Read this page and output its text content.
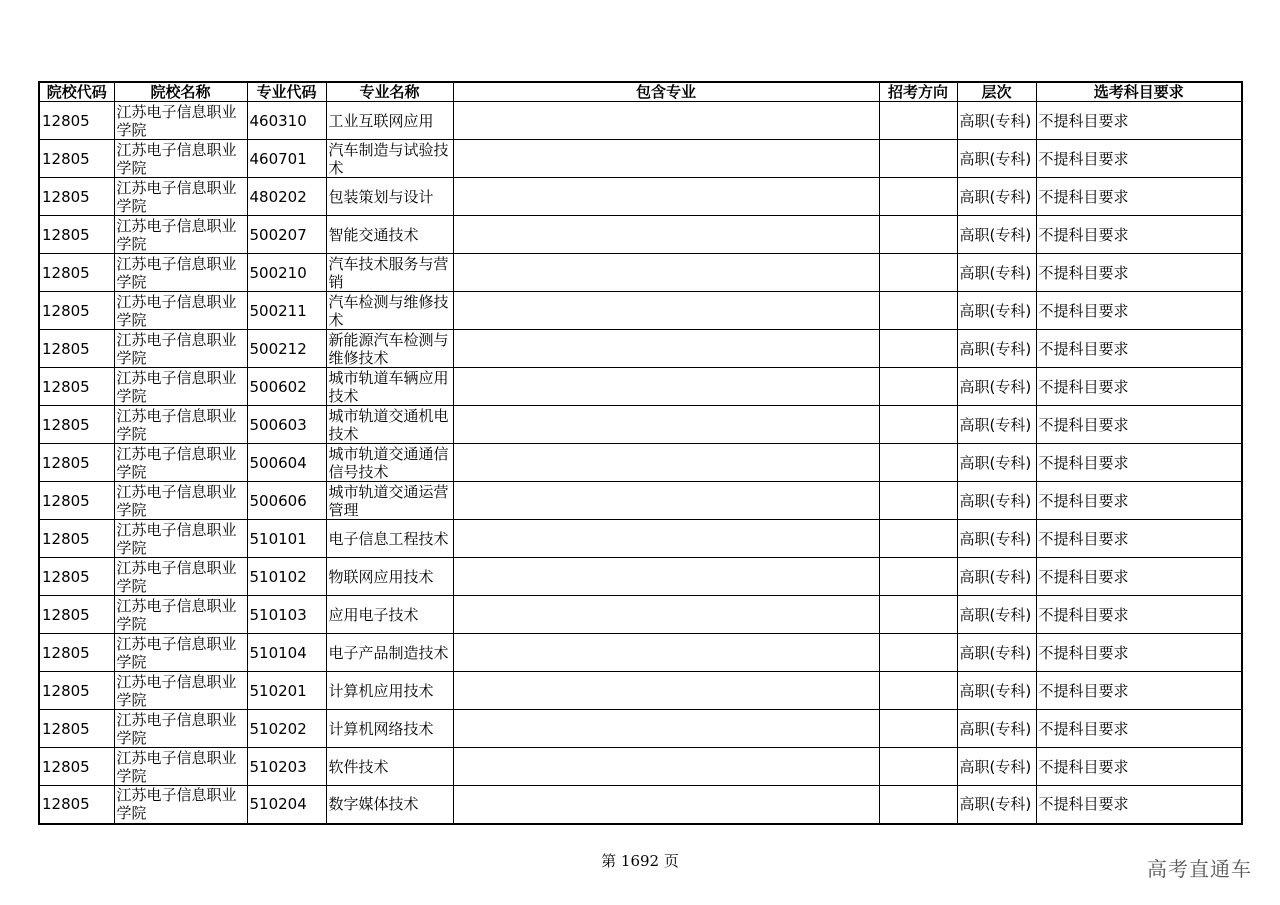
院校代码	院校名称	专业代码	专业名称	包含专业	招考方向	层次	选考科目要求
12805	江苏电子信息职业学院	460310	工业互联网应用			高职(专科)	不提科目要求
12805	江苏电子信息职业学院	460701	汽车制造与试验技术			高职(专科)	不提科目要求
12805	江苏电子信息职业学院	480202	包装策划与设计			高职(专科)	不提科目要求
12805	江苏电子信息职业学院	500207	智能交通技术			高职(专科)	不提科目要求
12805	江苏电子信息职业学院	500210	汽车技术服务与营销			高职(专科)	不提科目要求
12805	江苏电子信息职业学院	500211	汽车检测与维修技术			高职(专科)	不提科目要求
12805	江苏电子信息职业学院	500212	新能源汽车检测与维修技术			高职(专科)	不提科目要求
12805	江苏电子信息职业学院	500602	城市轨道车辆应用技术			高职(专科)	不提科目要求
12805	江苏电子信息职业学院	500603	城市轨道交通机电技术			高职(专科)	不提科目要求
12805	江苏电子信息职业学院	500604	城市轨道交通通信信号技术			高职(专科)	不提科目要求
12805	江苏电子信息职业学院	500606	城市轨道交通运营管理			高职(专科)	不提科目要求
12805	江苏电子信息职业学院	510101	电子信息工程技术			高职(专科)	不提科目要求
12805	江苏电子信息职业学院	510102	物联网应用技术			高职(专科)	不提科目要求
12805	江苏电子信息职业学院	510103	应用电子技术			高职(专科)	不提科目要求
12805	江苏电子信息职业学院	510104	电子产品制造技术			高职(专科)	不提科目要求
12805	江苏电子信息职业学院	510201	计算机应用技术			高职(专科)	不提科目要求
12805	江苏电子信息职业学院	510202	计算机网络技术			高职(专科)	不提科目要求
12805	江苏电子信息职业学院	510203	软件技术			高职(专科)	不提科目要求
12805	江苏电子信息职业学院	510204	数字媒体技术			高职(专科)	不提科目要求
第 1692 页	高考直通车
